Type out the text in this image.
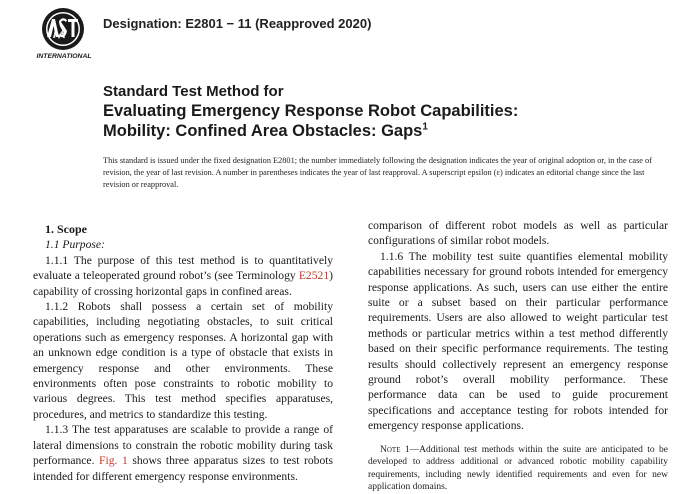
INTERNATIONAL
Designation: E2801 − 11 (Reapproved 2020)
Standard Test Method for
Evaluating Emergency Response Robot Capabilities:
Mobility: Confined Area Obstacles: Gaps$^1$
This standard is issued under the fixed designation E2801; the number immediately following the designation indicates the year of original adoption or, in the case of revision, the year of last revision. A number in parentheses indicates the year of last reapproval. A superscript epsilon (ε) indicates an editorial change since the last revision or reapproval.

1. Scope

1.1 Purpose:

1.1.1 The purpose of this test method is to quantitatively evaluate a teleoperated ground robot’s (see Terminology E2521) capability of crossing horizontal gaps in confined areas.

1.1.2 Robots shall possess a certain set of mobility capabilities, including negotiating obstacles, to suit critical operations such as emergency responses. A horizontal gap with an unknown edge condition is a type of obstacle that exists in emergency response and other environments. These environments often pose constraints to robotic mobility to various degrees. This test method specifies apparatuses, procedures, and metrics to standardize this testing.

1.1.3 The test apparatuses are scalable to provide a range of lateral dimensions to constrain the robotic mobility during task performance. Fig. 1 shows three apparatus sizes to test robots intended for different emergency response environments.

comparison of different robot models as well as particular configurations of similar robot models.

1.1.6 The mobility test suite quantifies elemental mobility capabilities necessary for ground robots intended for emergency response applications. As such, users can use either the entire suite or a subset based on their particular performance requirements. Users are also allowed to weight particular test methods or particular metrics within a test method differently based on their specific performance requirements. The testing results should collectively represent an emergency response ground robot’s overall mobility performance. These performance data can be used to guide procurement specifications and acceptance testing for robots intended for emergency response applications.

Note 1—Additional test methods within the suite are anticipated to be developed to address additional or advanced robotic mobility capability requirements, including newly identified requirements and even for new application domains.
